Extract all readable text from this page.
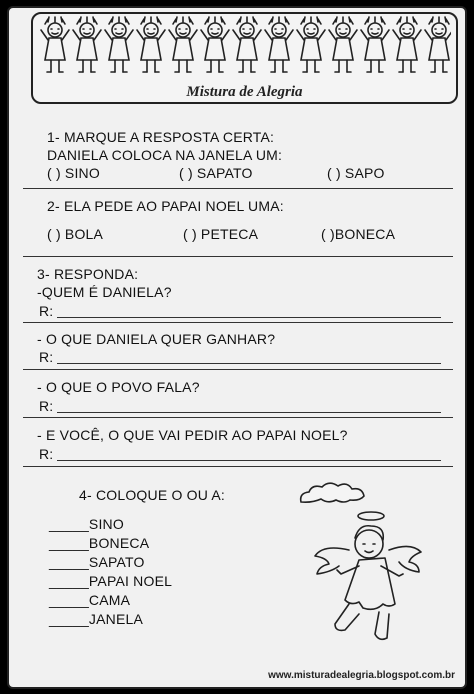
Mistura de Alegria
1- MARQUE A RESPOSTA CERTA:
DANIELA COLOCA NA JANELA UM:
( ) SINO	( ) SAPATO	( ) SAPO
2- ELA PEDE AO PAPAI NOEL UMA:
( ) BOLA	( ) PETECA	( )BONECA
3- RESPONDA:
-QUEM É DANIELA?
R:
- O QUE DANIELA QUER GANHAR?
R:
- O QUE O POVO FALA?
R:
- E VOCÊ, O QUE VAI PEDIR AO PAPAI NOEL?
R:
4- COLOQUE O OU A:
_____SINO
_____BONECA
_____SAPATO
_____PAPAI NOEL
_____CAMA
_____JANELA
www.misturadealegria.blogspot.com.br
